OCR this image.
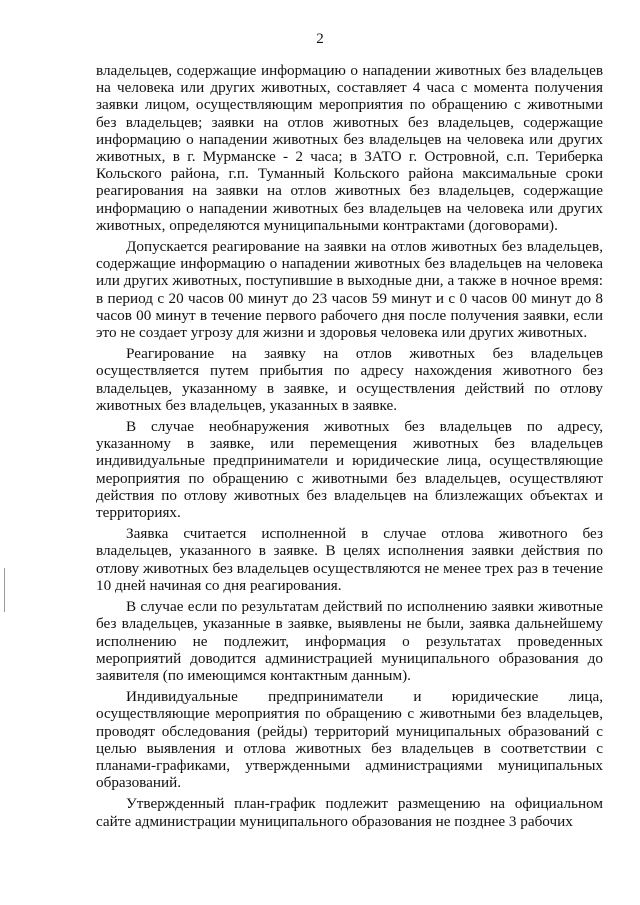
2

владельцев, содержащие информацию о нападении животных без владельцев на человека или других животных, составляет 4 часа с момента получения заявки лицом, осуществляющим мероприятия по обращению с животными без владельцев; заявки на отлов животных без владельцев, содержащие информацию о нападении животных без владельцев на человека или других животных, в г. Мурманске - 2 часа; в ЗАТО г. Островной, с.п. Териберка Кольского района, г.п. Туманный Кольского района максимальные сроки реагирования на заявки на отлов животных без владельцев, содержащие информацию о нападении животных без владельцев на человека или других животных, определяются муниципальными контрактами (договорами).

Допускается реагирование на заявки на отлов животных без владельцев, содержащие информацию о нападении животных без владельцев на человека или других животных, поступившие в выходные дни, а также в ночное время: в период с 20 часов 00 минут до 23 часов 59 минут и с 0 часов 00 минут до 8 часов 00 минут в течение первого рабочего дня после получения заявки, если это не создает угрозу для жизни и здоровья человека или других животных.

Реагирование на заявку на отлов животных без владельцев осуществляется путем прибытия по адресу нахождения животного без владельцев, указанному в заявке, и осуществления действий по отлову животных без владельцев, указанных в заявке.

В случае необнаружения животных без владельцев по адресу, указанному в заявке, или перемещения животных без владельцев индивидуальные предприниматели и юридические лица, осуществляющие мероприятия по обращению с животными без владельцев, осуществляют действия по отлову животных без владельцев на близлежащих объектах и территориях.

Заявка считается исполненной в случае отлова животного без владельцев, указанного в заявке. В целях исполнения заявки действия по отлову животных без владельцев осуществляются не менее трех раз в течение 10 дней начиная со дня реагирования.

В случае если по результатам действий по исполнению заявки животные без владельцев, указанные в заявке, выявлены не были, заявка дальнейшему исполнению не подлежит, информация о результатах проведенных мероприятий доводится администрацией муниципального образования до заявителя (по имеющимся контактным данным).

Индивидуальные предприниматели и юридические лица, осуществляющие мероприятия по обращению с животными без владельцев, проводят обследования (рейды) территорий муниципальных образований с целью выявления и отлова животных без владельцев в соответствии с планами-графиками, утвержденными администрациями муниципальных образований.

Утвержденный план-график подлежит размещению на официальном сайте администрации муниципального образования не позднее 3 рабочих
